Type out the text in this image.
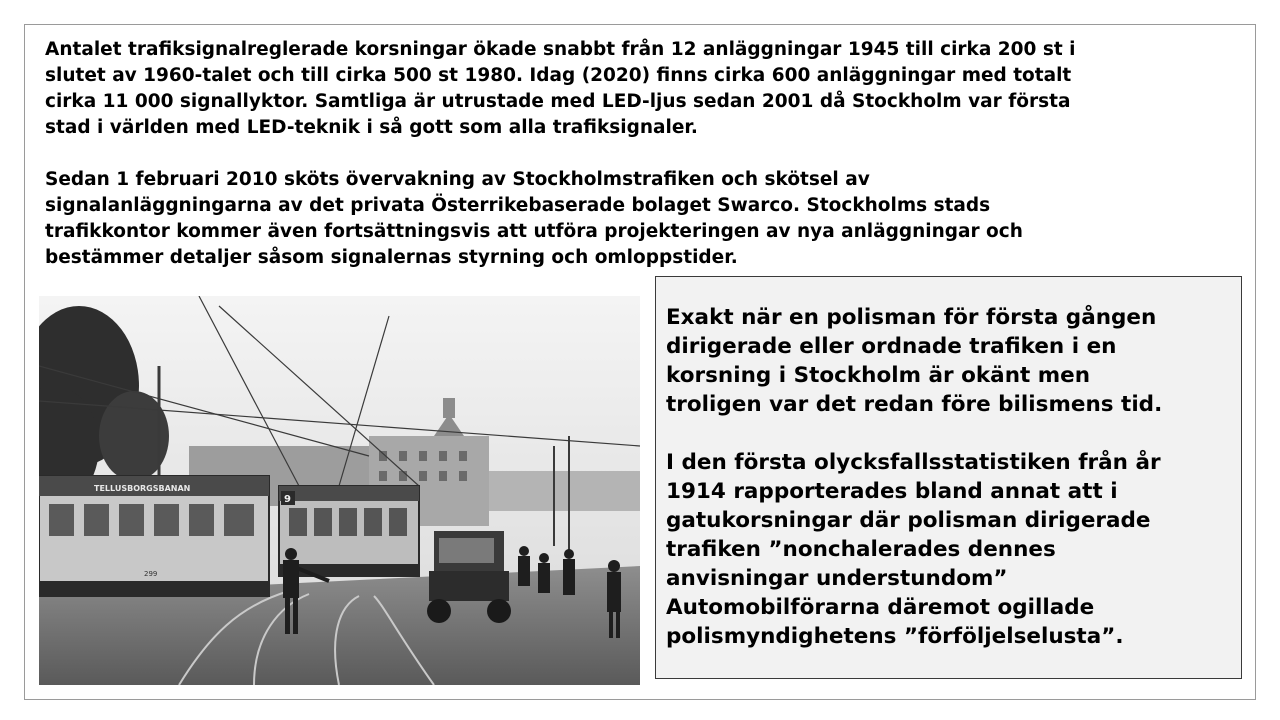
Antalet trafiksignalreglerade korsningar ökade snabbt från 12 anläggningar 1945 till cirka 200 st i
slutet av 1960-talet och till cirka 500 st 1980. Idag (2020) finns cirka 600 anläggningar med totalt
cirka 11 000 signallyktor. Samtliga är utrustade med LED-ljus sedan 2001 då Stockholm var första
stad i världen med LED-teknik i så gott som alla trafiksignaler.

Sedan 1 februari 2010 sköts övervakning av Stockholmstrafiken och skötsel av
signalanläggningarna av det privata Österrikebaserade bolaget Swarco. Stockholms stads
trafikkontor kommer även fortsättningsvis att utföra projekteringen av nya anläggningar och
bestämmer detaljer såsom signalernas styrning och omloppstider.

TELLUSBORGSBANAN
299
9

Exakt när en polisman för första gången
dirigerade eller ordnade trafiken i en
korsning i Stockholm är okänt men
troligen var det redan före bilismens tid.

I den första olycksfallsstatistiken från år
1914 rapporterades bland annat att i
gatukorsningar där polisman dirigerade
trafiken ”nonchalerades dennes
anvisningar understundom”
Automobilförarna däremot ogillade
polismyndighetens ”förföljelselusta”.
